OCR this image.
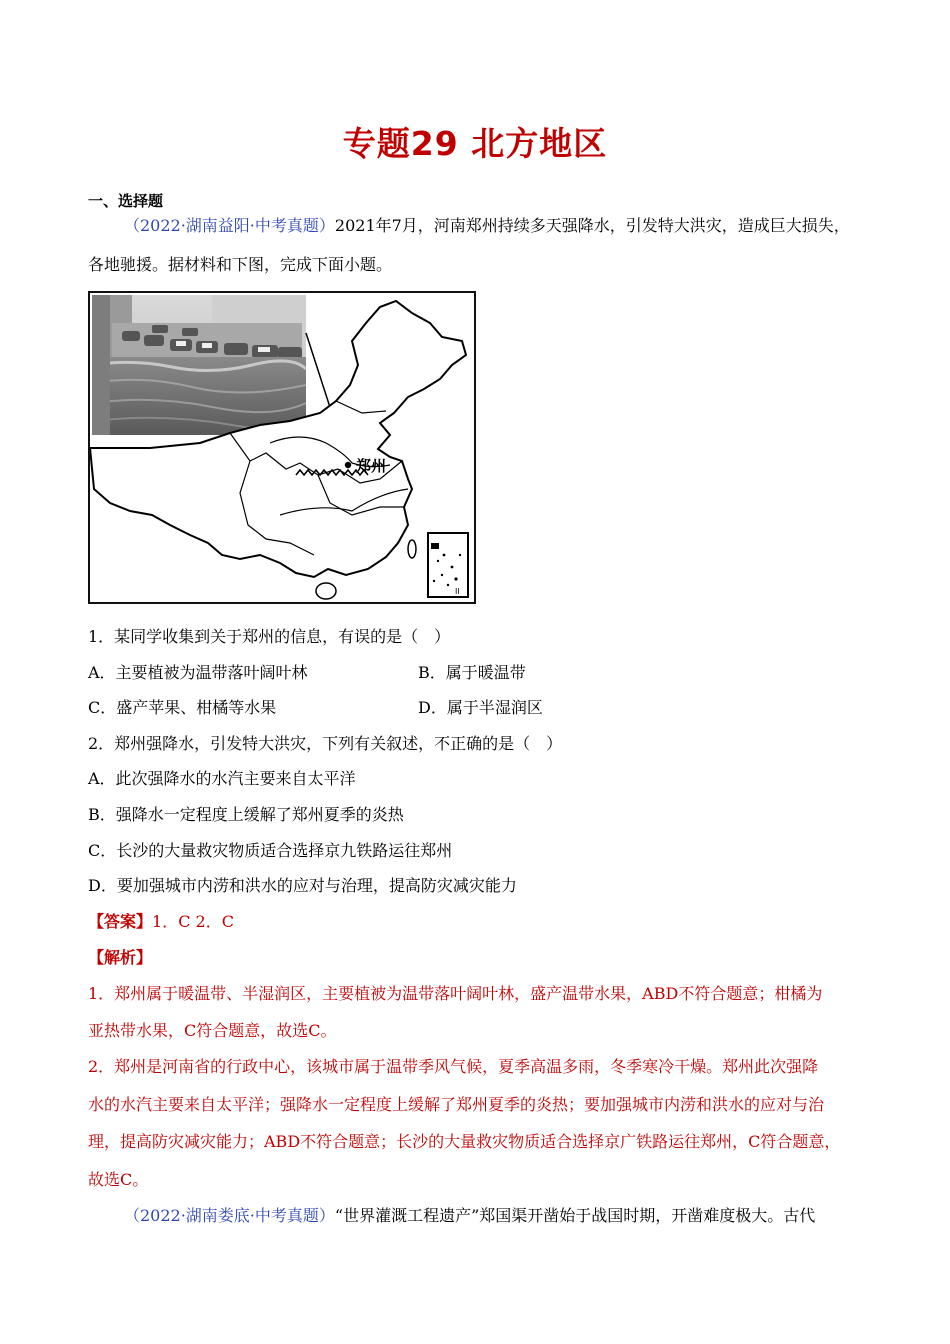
专题29 北方地区
一、选择题
（2022·湖南益阳·中考真题）2021年7月，河南郑州持续多天强降水，引发特大洪灾，造成巨大损失，
各地驰援。据材料和下图，完成下面小题。
郑州
II
1．某同学收集到关于郑州的信息，有误的是（　）
A．主要植被为温带落叶阔叶林	B．属于暖温带
C．盛产苹果、柑橘等水果	D．属于半湿润区
2．郑州强降水，引发特大洪灾，下列有关叙述，不正确的是（　）
A．此次强降水的水汽主要来自太平洋
B．强降水一定程度上缓解了郑州夏季的炎热
C．长沙的大量救灾物质适合选择京九铁路运往郑州
D．要加强城市内涝和洪水的应对与治理，提高防灾减灾能力
【答案】1．C 2．C
【解析】
1．郑州属于暖温带、半湿润区，主要植被为温带落叶阔叶林，盛产温带水果，ABD不符合题意；柑橘为
亚热带水果，C符合题意，故选C。
2．郑州是河南省的行政中心，该城市属于温带季风气候，夏季高温多雨，冬季寒冷干燥。郑州此次强降
水的水汽主要来自太平洋；强降水一定程度上缓解了郑州夏季的炎热；要加强城市内涝和洪水的应对与治
理，提高防灾减灾能力；ABD不符合题意；长沙的大量救灾物质适合选择京广铁路运往郑州，C符合题意，
故选C。
（2022·湖南娄底·中考真题）“世界灌溉工程遗产”郑国渠开凿始于战国时期，开凿难度极大。古代
